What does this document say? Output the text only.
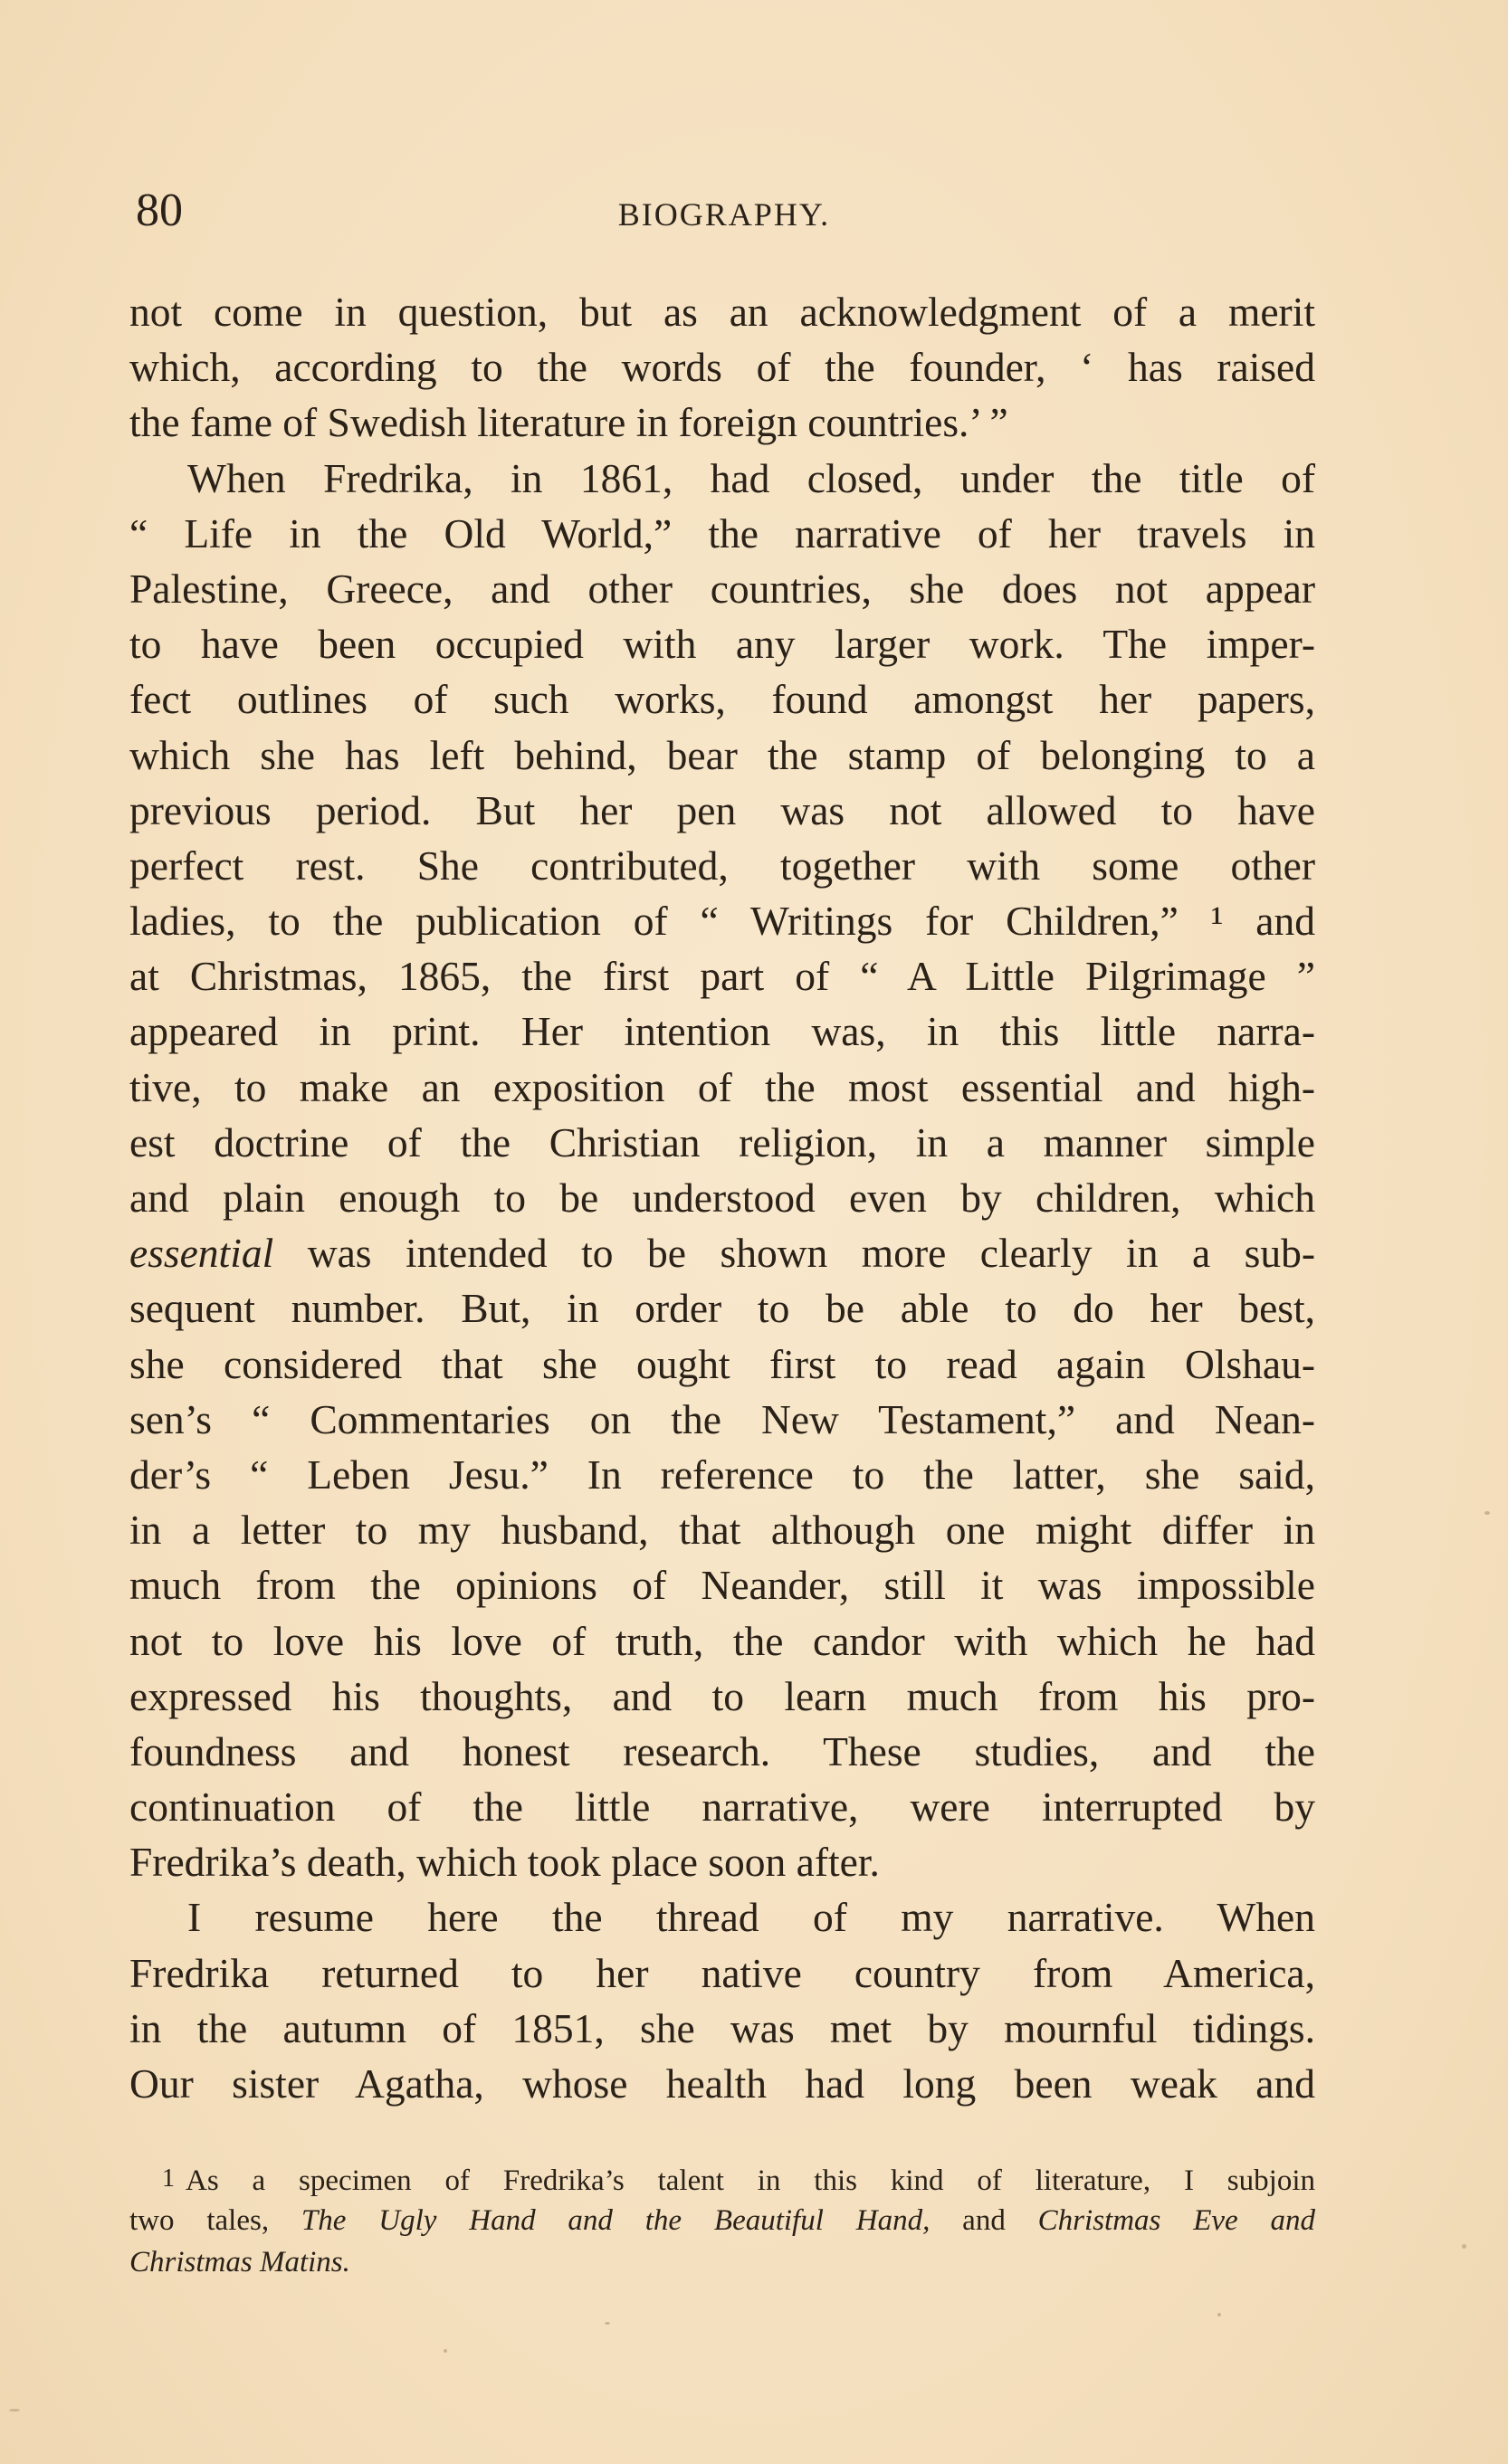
80	BIOGRAPHY.
not come in question, but as an acknowledgment of a merit
which, according to the words of the founder, ‘ has raised
the fame of Swedish literature in foreign countries.’ ”
When Fredrika, in 1861, had closed, under the title of
“ Life in the Old World,” the narrative of her travels in
Palestine, Greece, and other countries, she does not appear
to have been occupied with any larger work. The imper-
fect outlines of such works, found amongst her papers,
which she has left behind, bear the stamp of belonging to a
previous period. But her pen was not allowed to have
perfect rest. She contributed, together with some other
ladies, to the publication of “ Writings for Children,” ¹ and
at Christmas, 1865, the first part of “ A Little Pilgrimage ”
appeared in print. Her intention was, in this little narra-
tive, to make an exposition of the most essential and high-
est doctrine of the Christian religion, in a manner simple
and plain enough to be understood even by children, which
essential was intended to be shown more clearly in a sub-
sequent number. But, in order to be able to do her best,
she considered that she ought first to read again Olshau-
sen’s “ Commentaries on the New Testament,” and Nean-
der’s “ Leben Jesu.” In reference to the latter, she said,
in a letter to my husband, that although one might differ in
much from the opinions of Neander, still it was impossible
not to love his love of truth, the candor with which he had
expressed his thoughts, and to learn much from his pro-
foundness and honest research. These studies, and the
continuation of the little narrative, were interrupted by
Fredrika’s death, which took place soon after.
I resume here the thread of my narrative. When
Fredrika returned to her native country from America,
in the autumn of 1851, she was met by mournful tidings.
Our sister Agatha, whose health had long been weak and
1 As a specimen of Fredrika’s talent in this kind of literature, I subjoin
two tales, The Ugly Hand and the Beautiful Hand, and Christmas Eve and
Christmas Matins.
